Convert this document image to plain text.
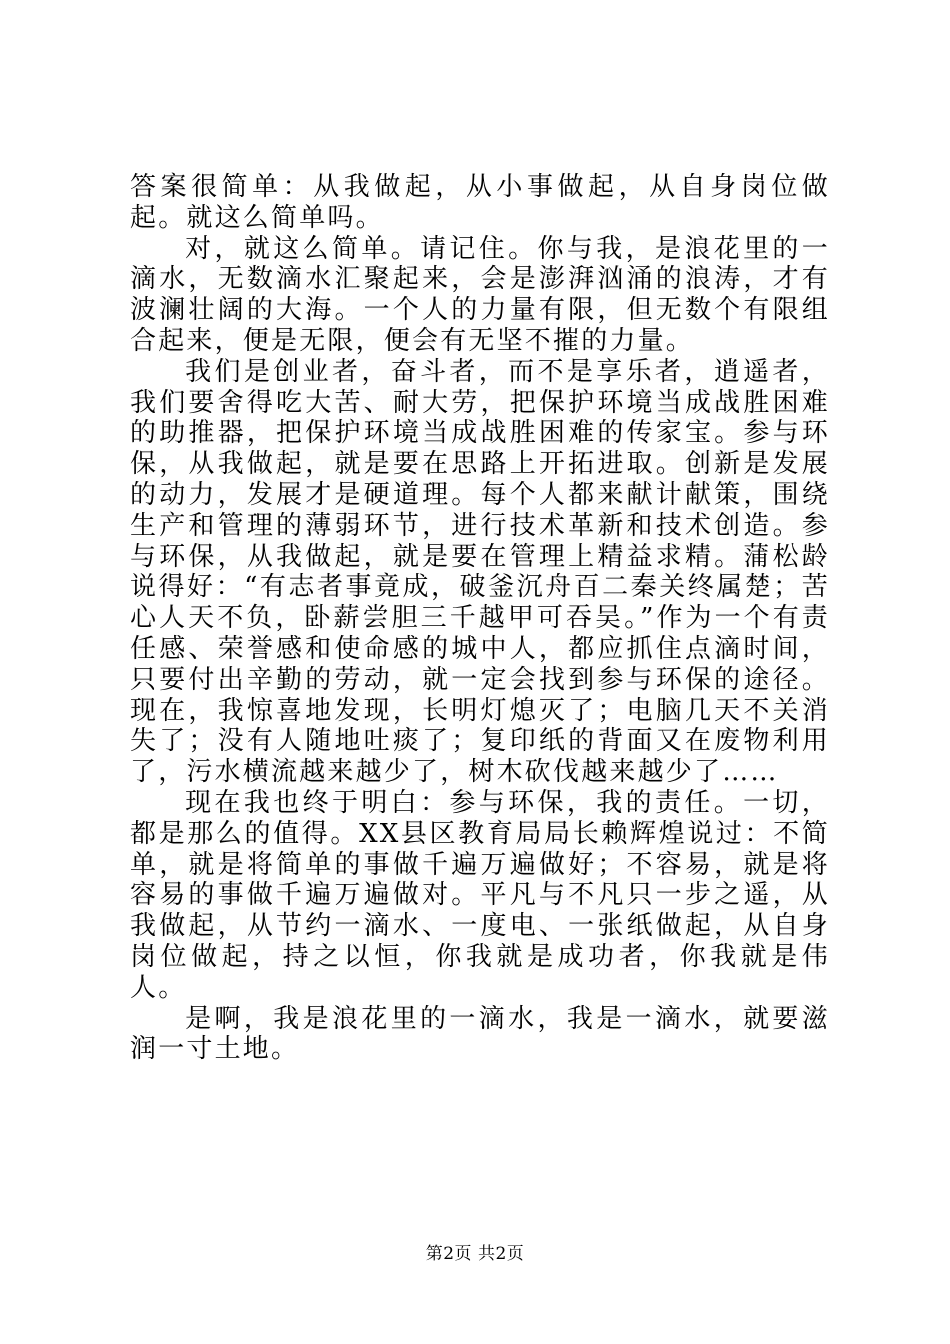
答案很简单：从我做起，从小事做起，从自身岗位做起。就这么简单吗。

对，就这么简单。请记住。你与我，是浪花里的一滴水，无数滴水汇聚起来，会是澎湃汹涌的浪涛，才有波澜壮阔的大海。一个人的力量有限，但无数个有限组合起来，便是无限，便会有无坚不摧的力量。

我们是创业者，奋斗者，而不是享乐者，逍遥者，我们要舍得吃大苦、耐大劳，把保护环境当成战胜困难的助推器，把保护环境当成战胜困难的传家宝。参与环保，从我做起，就是要在思路上开拓进取。创新是发展的动力，发展才是硬道理。每个人都来献计献策，围绕生产和管理的薄弱环节，进行技术革新和技术创造。参与环保，从我做起，就是要在管理上精益求精。蒲松龄说得好：“有志者事竟成，破釜沉舟百二秦关终属楚；苦心人天不负，卧薪尝胆三千越甲可吞吴。”作为一个有责任感、荣誉感和使命感的城中人，都应抓住点滴时间，只要付出辛勤的劳动，就一定会找到参与环保的途径。现在，我惊喜地发现，长明灯熄灭了；电脑几天不关消失了；没有人随地吐痰了；复印纸的背面又在废物利用了，污水横流越来越少了，树木砍伐越来越少了……

现在我也终于明白：参与环保，我的责任。一切，都是那么的值得。XX县区教育局局长赖辉煌说过：不简单，就是将简单的事做千遍万遍做好；不容易，就是将容易的事做千遍万遍做对。平凡与不凡只一步之遥，从我做起，从节约一滴水、一度电、一张纸做起，从自身岗位做起，持之以恒，你我就是成功者，你我就是伟人。

是啊，我是浪花里的一滴水，我是一滴水，就要滋润一寸土地。

第2页 共2页
